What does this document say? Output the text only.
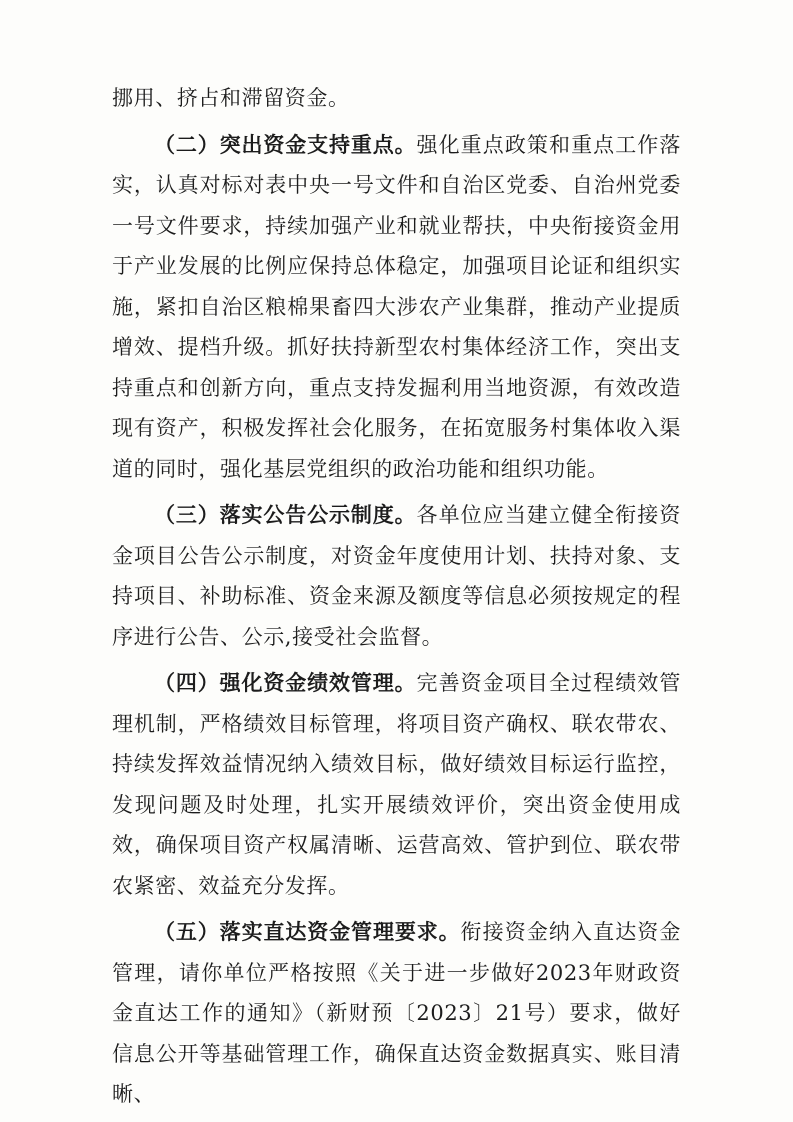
挪用、挤占和滞留资金。

（二）突出资金支持重点。强化重点政策和重点工作落实，认真对标对表中央一号文件和自治区党委、自治州党委一号文件要求，持续加强产业和就业帮扶，中央衔接资金用于产业发展的比例应保持总体稳定，加强项目论证和组织实施，紧扣自治区粮棉果畜四大涉农产业集群，推动产业提质增效、提档升级。抓好扶持新型农村集体经济工作，突出支持重点和创新方向，重点支持发掘利用当地资源，有效改造现有资产，积极发挥社会化服务，在拓宽服务村集体收入渠道的同时，强化基层党组织的政治功能和组织功能。

（三）落实公告公示制度。各单位应当建立健全衔接资金项目公告公示制度，对资金年度使用计划、扶持对象、支持项目、补助标准、资金来源及额度等信息必须按规定的程序进行公告、公示,接受社会监督。

（四）强化资金绩效管理。完善资金项目全过程绩效管理机制，严格绩效目标管理，将项目资产确权、联农带农、持续发挥效益情况纳入绩效目标，做好绩效目标运行监控，发现问题及时处理，扎实开展绩效评价，突出资金使用成效，确保项目资产权属清晰、运营高效、管护到位、联农带农紧密、效益充分发挥。

（五）落实直达资金管理要求。衔接资金纳入直达资金管理，请你单位严格按照《关于进一步做好2023年财政资金直达工作的通知》（新财预〔2023〕21号）要求，做好信息公开等基础管理工作，确保直达资金数据真实、账目清晰、
